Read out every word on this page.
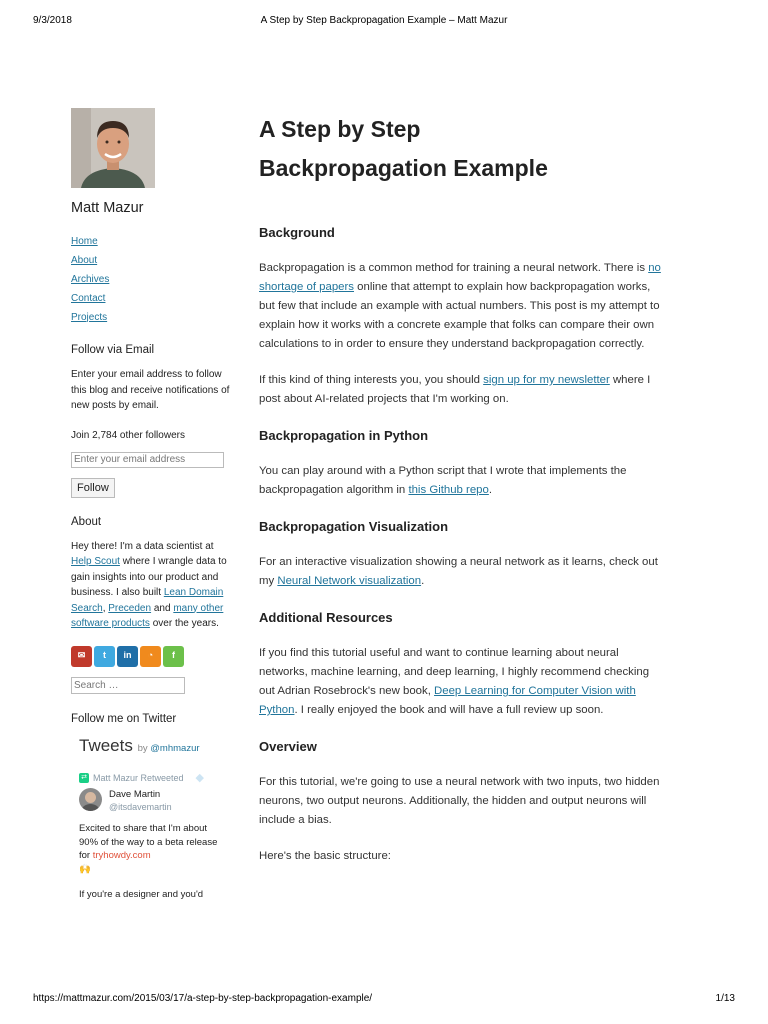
9/3/2018	A Step by Step Backpropagation Example – Matt Mazur
Matt Mazur
Home
About
Archives
Contact
Projects
Follow via Email

Enter your email address to follow this blog and receive notifications of new posts by email.

Join 2,784 other followers

Enter your email address
Follow
About

Hey there! I'm a data scientist at Help Scout where I wrangle data to gain insights into our product and business. I also built Lean Domain Search, Preceden and many other software products over the years.

✉	t	in	◔	f
Search …
Follow me on Twitter
Tweets by @mhmazur
⇄ Matt Mazur Retweeted ◆
Dave Martin
@itsdavemartin
Excited to share that I'm about 90% of the way to a beta release for tryhowdy.com
🙌
If you're a designer and you'd
A Step by Step
Backpropagation Example
Background

Backpropagation is a common method for training a neural network. There is no
shortage of papers online that attempt to explain how backpropagation works,
but few that include an example with actual numbers. This post is my attempt to
explain how it works with a concrete example that folks can compare their own
calculations to in order to ensure they understand backpropagation correctly.

If this kind of thing interests you, you should sign up for my newsletter where I
post about AI-related projects that I'm working on.

Backpropagation in Python

You can play around with a Python script that I wrote that implements the
backpropagation algorithm in this Github repo.

Backpropagation Visualization

For an interactive visualization showing a neural network as it learns, check out
my Neural Network visualization.

Additional Resources

If you find this tutorial useful and want to continue learning about neural
networks, machine learning, and deep learning, I highly recommend checking
out Adrian Rosebrock's new book, Deep Learning for Computer Vision with
Python. I really enjoyed the book and will have a full review up soon.

Overview

For this tutorial, we're going to use a neural network with two inputs, two hidden
neurons, two output neurons. Additionally, the hidden and output neurons will
include a bias.

Here's the basic structure:

https://mattmazur.com/2015/03/17/a-step-by-step-backpropagation-example/	1/13
